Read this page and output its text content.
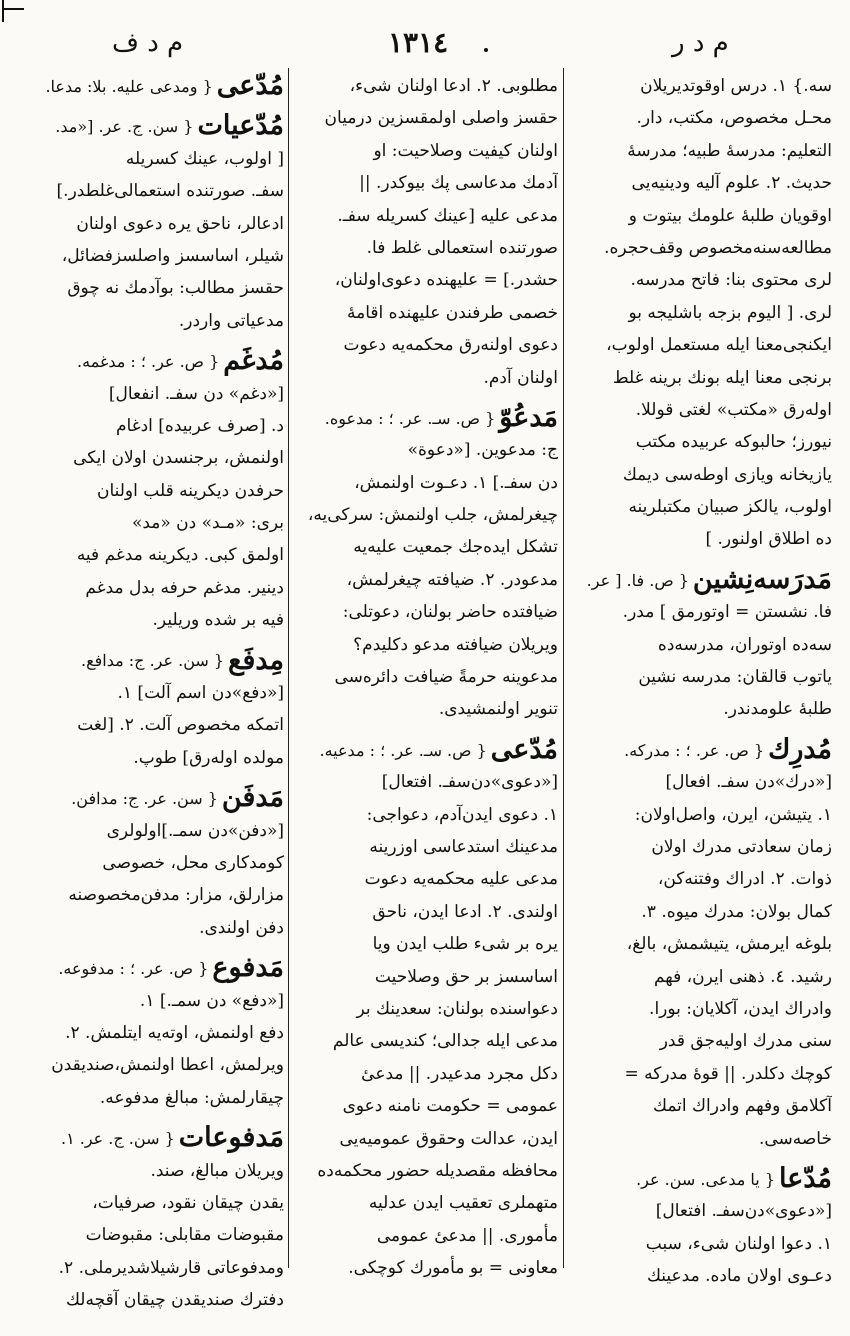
م د ف	١٣١٤	م د ر
سه.} ١. درس اوقوتدیریلان
محـل مخصوص، مکتب، دار.
التعلیم: مدرسهٔ طبیه؛ مدرسهٔ
حدیث. ٢. علوم آلیه ودینیه‌یی
اوقویان طلبهٔ علومك بیتوت و
مطالعه‌سنه‌مخصوص وقف‌حجره.
لری محتوی بنا: فاتح مدرسه.
لری. [ الیوم بزجه باشلیجه بو
ایکنجی‌معنا ایله مستعمل اولوب،
برنجی معنا ایله بونك برینه غلط
اوله‌رق «مکتب» لغتی قوللا.
نیورز؛ حالبوکه عربیده مکتب
یازیخانه ویازی اوطه‌سی دیمك
اولوب، یالکز صبیان مکتبلرینه
ده اطلاق اولنور. ]
مَدرَسه‌نِشین
{ ص. فا. [ عر.
فا. نشستن = اوتورمق ] مدر.
سه‌ده اوتوران، مدرسه‌ده
یاتوب قالقان: مدرسه نشین
طلبهٔ علومدندر.
مُدرِك
{ ص. عر. ؛ : مدرکه.
[«درك»دن سفـ. افعال]
١. یتیشن، ایرن، واصل‌اولان:
زمان سعادتی مدرك اولان
ذوات. ٢. ادراك وفتنه‌کن،
کمال بولان: مدرك میوه. ٣.
بلوغه ایرمش، یتیشمش، بالغ،
رشید. ٤. ذهنی ایرن، فهم
وادراك ایدن، آکلایان: بورا.
سنی مدرك اولیه‌جق قدر
کوچك دکلدر. || قوهٔ مدرکه =
آکلامق وفهم وادراك اتمك
خاصه‌سی.
مُدّعا
{ یا مدعی. سن. عر.
[«دعوی»دن‌سفـ. افتعال]
١. دعوا اولنان شیء، سبب
دعـوی اولان ماده. مدعینك
مطلوبی. ٢. ادعا اولنان شیء،
حقسز واصلی اولمقسزین درمیان
اولنان کیفیت وصلاحیت: او
آدمك مدعاسی پك بیوکدر. ||
مدعی علیه [عینك کسریله سفـ.
صورتنده استعمالی غلط فا.
حشدر.] = علیهنده دعوی‌اولنان،
خصمی طرفندن علیهنده اقامهٔ
دعوی اولنه‌رق محکمه‌یه دعوت
اولنان آدم.
مَدعُوّ
{ ص. سـ. عر. ؛ : مدعوه.
ج: مدعوین. [«دعوة»
دن سفـ.] ١. دعـوت اولنمش،
چیغرلمش، جلب اولنمش: سرکی‌یه،
تشکل ایده‌جك جمعیت علیه‌یه
مدعودر. ٢. ضیافته چیغرلمش،
ضیافتده حاضر بولنان، دعوتلی:
ویریلان ضیافته مدعو دکلیدم؟
مدعوینه حرمةً ضیافت دائره‌سی
تنویر اولنمشیدی.
مُدّعی
{ ص. سـ. عر. ؛ : مدعیه.
[«دعوی»دن‌سفـ. افتعال]
١. دعوی ایدن‌آدم، دعواجی:
مدعینك استدعاسی اوزرینه
مدعی علیه محکمه‌یه دعوت
اولندی. ٢. ادعا ایدن، ناحق
یره بر شیء طلب ایدن ویا
اساسسز بر حق وصلاحیت
دعواسنده بولنان: سعدینك بر
مدعی ایله جدالی؛ کندیسی عالم
دکل مجرد مدعیدر. || مدعیٔ
عمومی = حکومت نامنه دعوی
ایدن، عدالت وحقوق عمومیه‌یی
محافظه مقصدیله حضور محکمه‌ده
متهملری تعقیب ایدن عدلیه
مأموری. || مدعیٔ عمومی
معاونی = بو مأمورك کوچکی.
مُدّعی
{ ومدعی علیه. بلا: مدعا.
مُدّعیات
{ سن. ج. عر. [«مد.
[ اولوب، عینك کسریله
سفـ. صورتنده استعمالی‌غلطدر.]
ادعالر، ناحق یره دعوی اولنان
شیلر، اساسسز واصلسزفضائل،
حقسز مطالب: بوآدمك نه چوق
مدعیاتی واردر.
مُدغَم
{ ص. عر. ؛ : مدغمه.
[«دغم» دن سفـ. انفعال]
د. [صرف عربیده] ادغام
اولنمش، برجنسدن اولان ایکی
حرفدن دیکرینه قلب اولنان
بری: «مـد» دن «مد»
اولمق کبی. دیکرینه مدغم فیه
دینیر. مدغم حرفه بدل مدغم
فیه بر شده وریلیر.
مِدفَع
{ سن. عر. ج: مدافع.
[«دفع»دن اسم آلت] ١.
اتمکه مخصوص آلت. ٢. [لغت
مولده اوله‌رق] طوپ.
مَدفَن
{ سن. عر. ج: مدافن.
[«دفن»دن سمـ.]اولولری
کومدکاری محل، خصوصی
مزارلق، مزار: مدفن‌مخصوصنه
دفن اولندی.
مَدفوع
{ ص. عر. ؛ : مدفوعه.
[«دفع» دن سمـ.] ١.
دفع اولنمش، اوته‌یه ایتلمش. ٢.
ویرلمش، اعطا اولنمش،صندیقدن
چیقارلمش: مبالغ مدفوعه.
مَدفوعات
{ سن. ج. عر. ١.
ویریلان مبالغ، صند.
یقدن چیقان نقود، صرفیات،
مقبوضات مقابلی: مقبوضات
ومدفوعاتی قارشیلاشدیرملی. ٢.
دفترك صندیقدن چیقان آقچه‌لك
